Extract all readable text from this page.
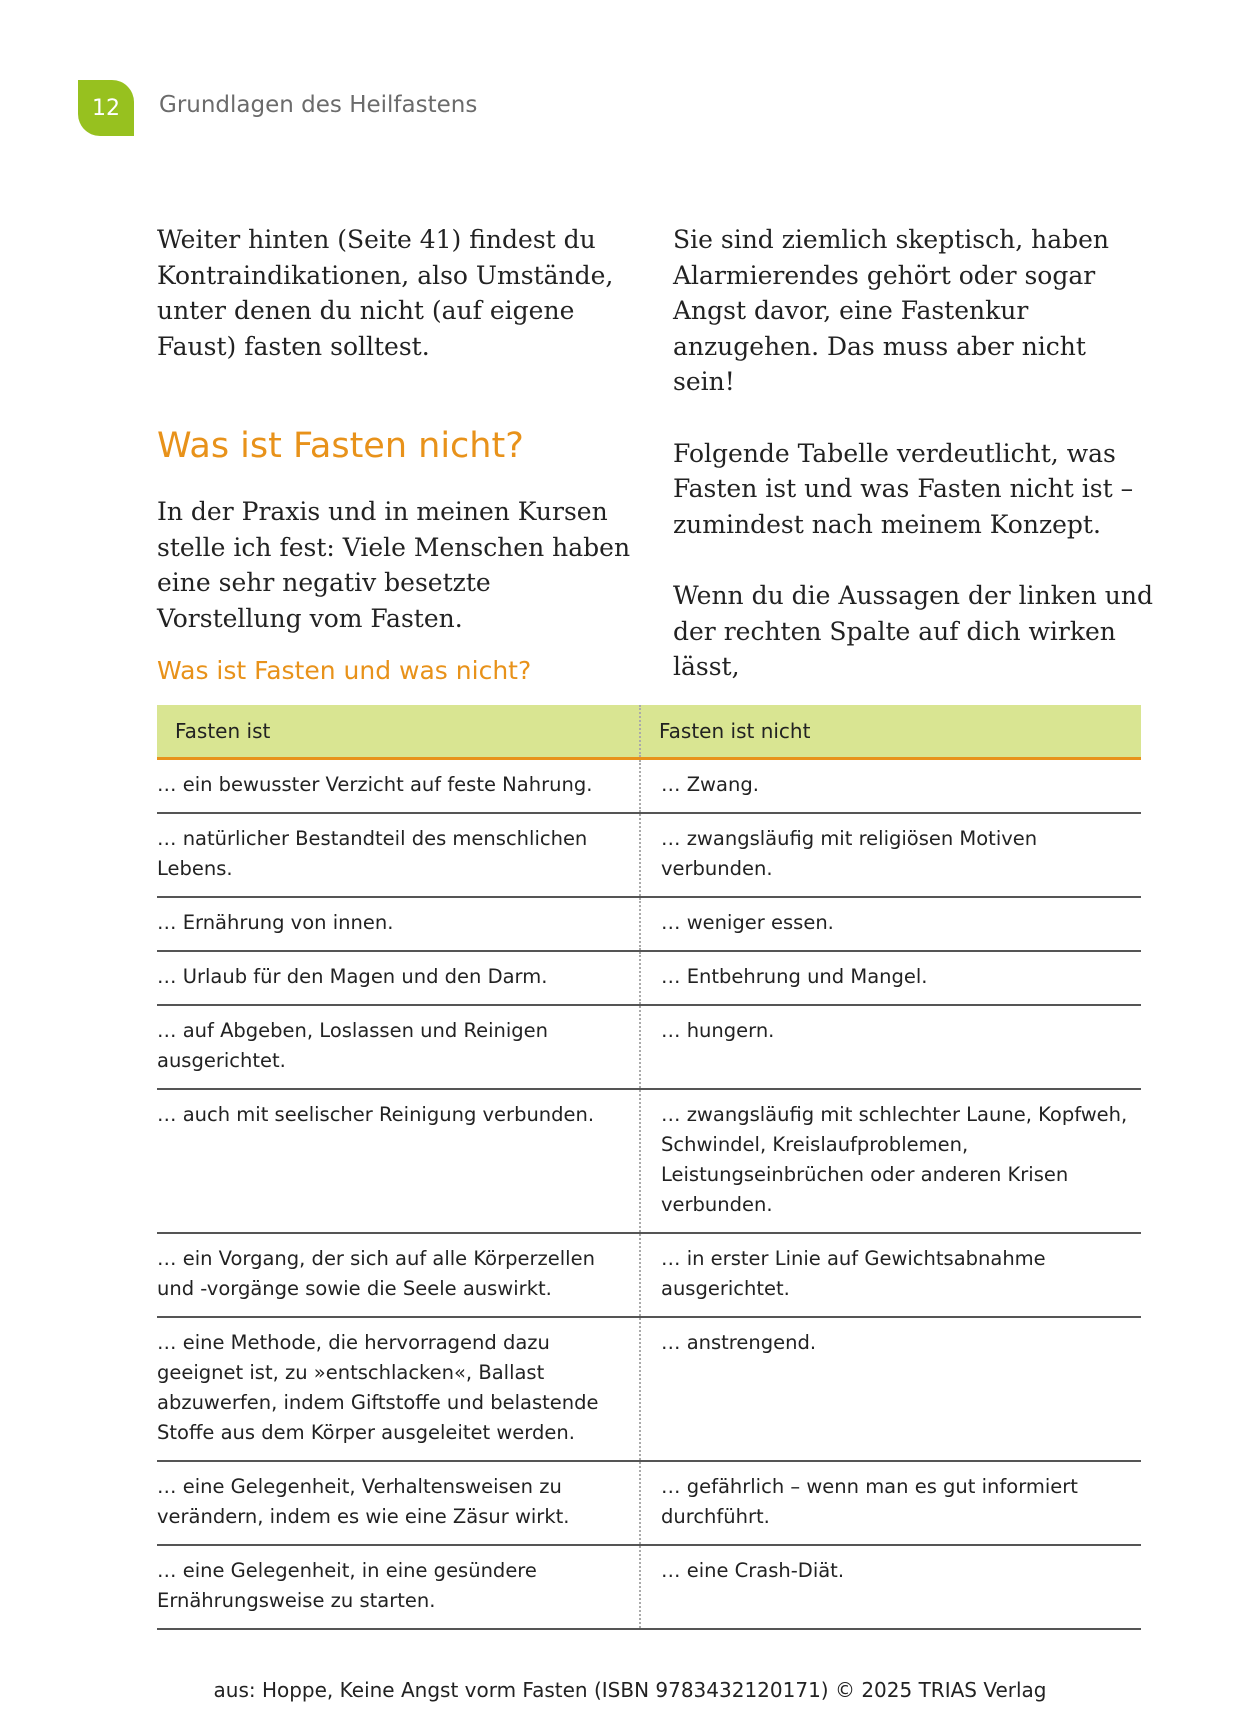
12 Grundlagen des Heilfastens

Weiter hinten (Seite 41) findest du Kontraindikationen, also Umstände, unter denen du nicht (auf eigene Faust) fasten solltest.

Was ist Fasten nicht?

In der Praxis und in meinen Kursen stelle ich fest: Viele Menschen haben eine sehr negativ besetzte Vorstellung vom Fasten.

Sie sind ziemlich skeptisch, haben Alarmierendes gehört oder sogar Angst davor, eine Fastenkur anzugehen. Das muss aber nicht sein!

Folgende Tabelle verdeutlicht, was Fasten ist und was Fasten nicht ist – zumindest nach meinem Konzept.

Wenn du die Aussagen der linken und der rechten Spalte auf dich wirken lässt,

Was ist Fasten und was nicht?
Fasten ist	Fasten ist nicht
… ein bewusster Verzicht auf feste Nahrung.	… Zwang.
… natürlicher Bestandteil des menschlichen Lebens.	… zwangsläufig mit religiösen Motiven verbunden.
… Ernährung von innen.	… weniger essen.
… Urlaub für den Magen und den Darm.	… Entbehrung und Mangel.
… auf Abgeben, Loslassen und Reinigen ausgerichtet.	… hungern.
… auch mit seelischer Reinigung verbunden.	… zwangsläufig mit schlechter Laune, Kopfweh, Schwindel, Kreislaufproblemen, Leistungseinbrüchen oder anderen Krisen verbunden.
… ein Vorgang, der sich auf alle Körperzellen und -vorgänge sowie die Seele auswirkt.	… in erster Linie auf Gewichtsabnahme ausgerichtet.
… eine Methode, die hervorragend dazu geeignet ist, zu »entschlacken«, Ballast abzuwerfen, indem Giftstoffe und belastende Stoffe aus dem Körper ausgeleitet werden.	… anstrengend.
… eine Gelegenheit, Verhaltensweisen zu verändern, indem es wie eine Zäsur wirkt.	… gefährlich – wenn man es gut informiert durchführt.
… eine Gelegenheit, in eine gesündere Ernährungsweise zu starten.	… eine Crash-Diät.
aus: Hoppe, Keine Angst vorm Fasten (ISBN 9783432120171) © 2025 TRIAS Verlag
